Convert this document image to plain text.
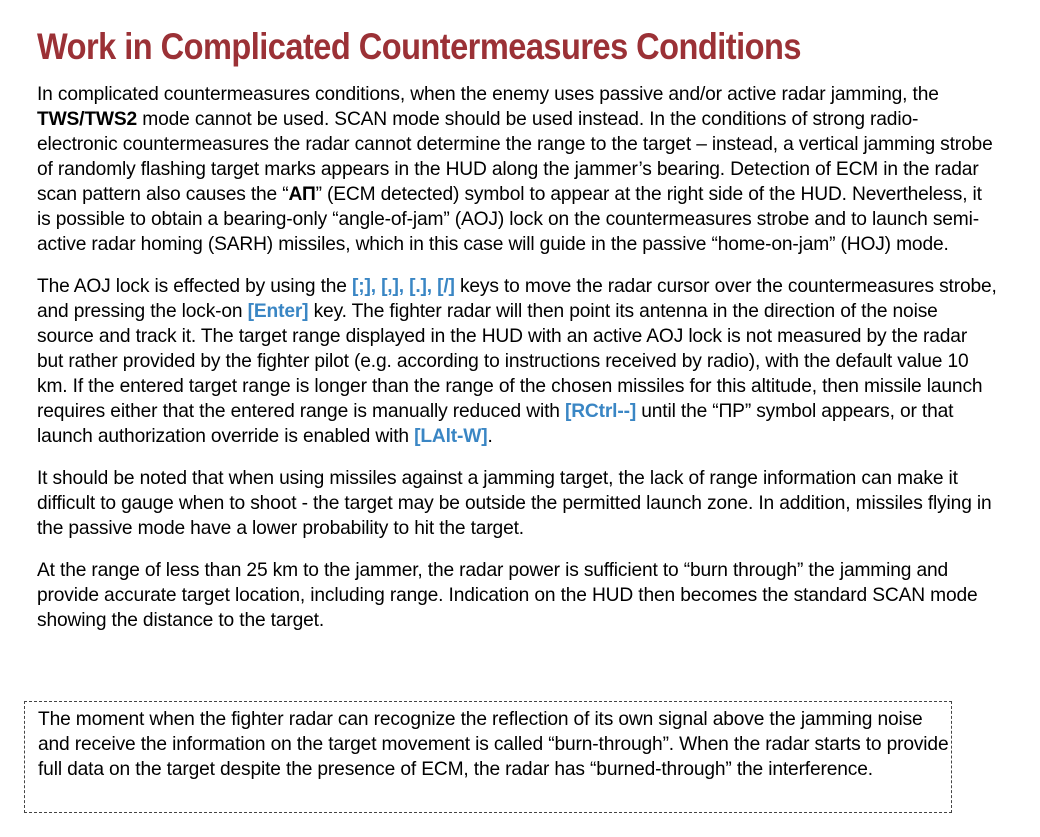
Work in Complicated Countermeasures Conditions

In complicated countermeasures conditions, when the enemy uses passive and/or active radar jamming, the TWS/TWS2 mode cannot be used. SCAN mode should be used instead. In the conditions of strong radio-electronic countermeasures the radar cannot determine the range to the target – instead, a vertical jamming strobe of randomly flashing target marks appears in the HUD along the jammer’s bearing. Detection of ECM in the radar scan pattern also causes the “АП” (ECM detected) symbol to appear at the right side of the HUD. Nevertheless, it is possible to obtain a bearing-only “angle-of-jam” (AOJ) lock on the countermeasures strobe and to launch semi-active radar homing (SARH) missiles, which in this case will guide in the passive “home-on-jam” (HOJ) mode.

The AOJ lock is effected by using the [;], [,], [.], [/] keys to move the radar cursor over the countermeasures strobe, and pressing the lock-on [Enter] key. The fighter radar will then point its antenna in the direction of the noise source and track it. The target range displayed in the HUD with an active AOJ lock is not measured by the radar but rather provided by the fighter pilot (e.g. according to instructions received by radio), with the default value 10 km. If the entered target range is longer than the range of the chosen missiles for this altitude, then missile launch requires either that the entered range is manually reduced with [RCtrl--] until the “ПР” symbol appears, or that launch authorization override is enabled with [LAlt-W].

It should be noted that when using missiles against a jamming target, the lack of range information can make it difficult to gauge when to shoot - the target may be outside the permitted launch zone. In addition, missiles flying in the passive mode have a lower probability to hit the target.

At the range of less than 25 km to the jammer, the radar power is sufficient to “burn through” the jamming and provide accurate target location, including range. Indication on the HUD then becomes the standard SCAN mode showing the distance to the target.

The moment when the fighter radar can recognize the reflection of its own signal above the jamming noise and receive the information on the target movement is called “burn-through”. When the radar starts to provide full data on the target despite the presence of ECM, the radar has “burned-through” the interference.
